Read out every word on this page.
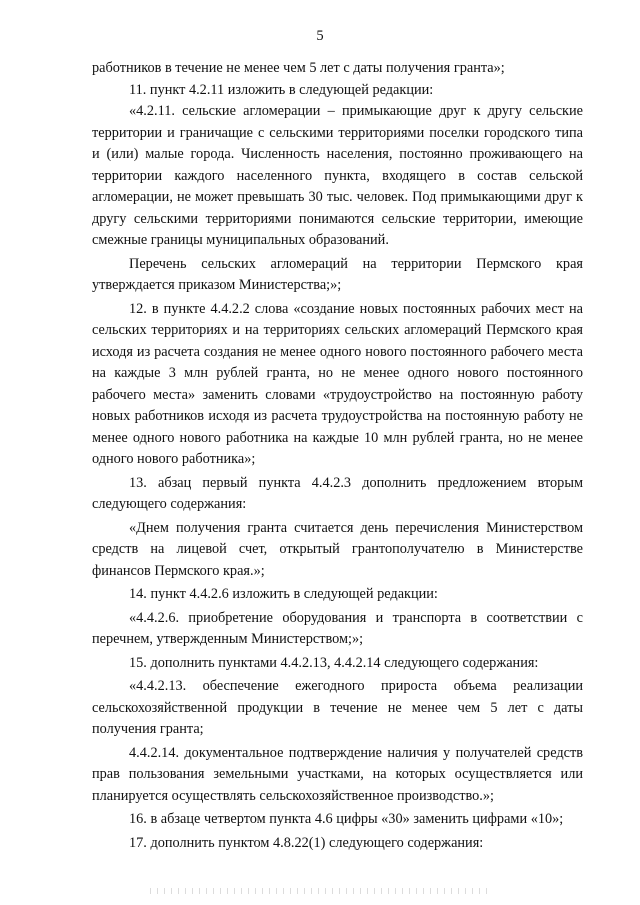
5

работников в течение не менее чем 5 лет с даты получения гранта»;

11. пункт 4.2.11 изложить в следующей редакции:

«4.2.11. сельские агломерации – примыкающие друг к другу сельские территории и граничащие с сельскими территориями поселки городского типа и (или) малые города. Численность населения, постоянно проживающего на территории каждого населенного пункта, входящего в состав сельской агломерации, не может превышать 30 тыс. человек. Под примыкающими друг к другу сельскими территориями понимаются сельские территории, имеющие смежные границы муниципальных образований.

Перечень сельских агломераций на территории Пермского края утверждается приказом Министерства;»;

12. в пункте 4.4.2.2 слова «создание новых постоянных рабочих мест на сельских территориях и на территориях сельских агломераций Пермского края исходя из расчета создания не менее одного нового постоянного рабочего места на каждые 3 млн рублей гранта, но не менее одного нового постоянного рабочего места» заменить словами «трудоустройство на постоянную работу новых работников исходя из расчета трудоустройства на постоянную работу не менее одного нового работника на каждые 10 млн рублей гранта, но не менее одного нового работника»;

13. абзац первый пункта 4.4.2.3 дополнить предложением вторым следующего содержания:

«Днем получения гранта считается день перечисления Министерством средств на лицевой счет, открытый грантополучателю в Министерстве финансов Пермского края.»;

14. пункт 4.4.2.6 изложить в следующей редакции:

«4.4.2.6. приобретение оборудования и транспорта в соответствии с перечнем, утвержденным Министерством;»;

15. дополнить пунктами 4.4.2.13, 4.4.2.14 следующего содержания:

«4.4.2.13. обеспечение ежегодного прироста объема реализации сельскохозяйственной продукции в течение не менее чем 5 лет с даты получения гранта;

4.4.2.14. документальное подтверждение наличия у получателей средств прав пользования земельными участками, на которых осуществляется или планируется осуществлять сельскохозяйственное производство.»;

16. в абзаце четвертом пункта 4.6 цифры «30» заменить цифрами «10»;

17. дополнить пунктом 4.8.22(1) следующего содержания:
